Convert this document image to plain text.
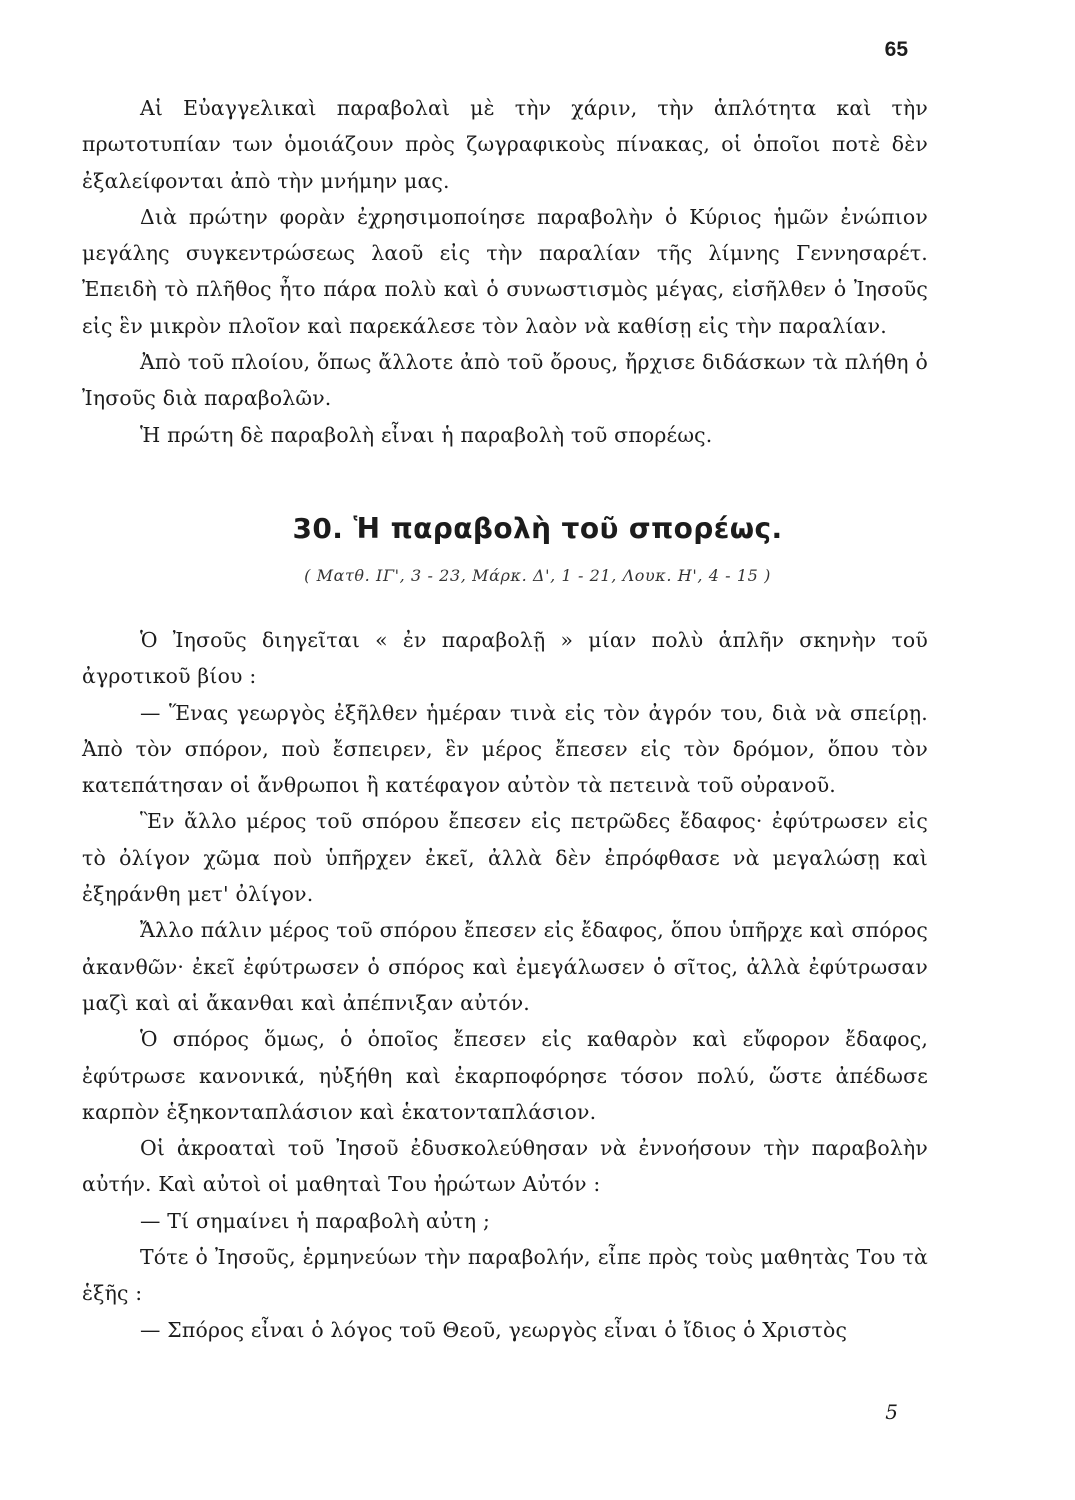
65

Αἱ Εὐαγγελικαὶ παραβολαὶ μὲ τὴν χάριν, τὴν ἁπλότητα καὶ τὴν πρωτοτυπίαν των ὁμοιάζουν πρὸς ζωγραφικοὺς πίνακας, οἱ ὁποῖοι ποτὲ δὲν ἐξαλείφονται ἀπὸ τὴν μνήμην μας.

Διὰ πρώτην φορὰν ἐχρησιμοποίησε παραβολὴν ὁ Κύριος ἡμῶν ἐνώπιον μεγάλης συγκεντρώσεως λαοῦ εἰς τὴν παραλίαν τῆς λίμνης Γεννησαρέτ. Ἐπειδὴ τὸ πλῆθος ἦτο πάρα πολὺ καὶ ὁ συνωστισμὸς μέγας, εἰσῆλθεν ὁ Ἰησοῦς εἰς ἓν μικρὸν πλοῖον καὶ παρεκάλεσε τὸν λαὸν νὰ καθίσῃ εἰς τὴν παραλίαν.

Ἀπὸ τοῦ πλοίου, ὅπως ἄλλοτε ἀπὸ τοῦ ὄρους, ἤρχισε διδάσκων τὰ πλήθη ὁ Ἰησοῦς διὰ παραβολῶν.

Ἡ πρώτη δὲ παραβολὴ εἶναι ἡ παραβολὴ τοῦ σπορέως.

30. Ἡ παραβολὴ τοῦ σπορέως.
( Ματθ. ΙΓ', 3 - 23, Μάρκ. Δ', 1 - 21, Λουκ. Η', 4 - 15 )

Ὁ Ἰησοῦς διηγεῖται « ἐν παραβολῇ » μίαν πολὺ ἁπλῆν σκηνὴν τοῦ ἀγροτικοῦ βίου :

— Ἕνας γεωργὸς ἐξῆλθεν ἡμέραν τινὰ εἰς τὸν ἀγρόν του, διὰ νὰ σπείρῃ. Ἀπὸ τὸν σπόρον, ποὺ ἔσπειρεν, ἓν μέρος ἔπεσεν εἰς τὸν δρόμον, ὅπου τὸν κατεπάτησαν οἱ ἄνθρωποι ἢ κατέφαγον αὐτὸν τὰ πετεινὰ τοῦ οὐρανοῦ.

Ἓν ἄλλο μέρος τοῦ σπόρου ἔπεσεν εἰς πετρῶδες ἔδαφος· ἐφύτρωσεν εἰς τὸ ὀλίγον χῶμα ποὺ ὑπῆρχεν ἐκεῖ, ἀλλὰ δὲν ἐπρόφθασε νὰ μεγαλώσῃ καὶ ἐξηράνθη μετ' ὀλίγον.

Ἄλλο πάλιν μέρος τοῦ σπόρου ἔπεσεν εἰς ἔδαφος, ὅπου ὑπῆρχε καὶ σπόρος ἀκανθῶν· ἐκεῖ ἐφύτρωσεν ὁ σπόρος καὶ ἐμεγάλωσεν ὁ σῖτος, ἀλλὰ ἐφύτρωσαν μαζὶ καὶ αἱ ἄκανθαι καὶ ἀπέπνιξαν αὐτόν.

Ὁ σπόρος ὅμως, ὁ ὁποῖος ἔπεσεν εἰς καθαρὸν καὶ εὔφορον ἔδαφος, ἐφύτρωσε κανονικά, ηὐξήθη καὶ ἐκαρποφόρησε τόσον πολύ, ὥστε ἀπέδωσε καρπὸν ἑξηκονταπλάσιον καὶ ἑκατονταπλάσιον.

Οἱ ἀκροαταὶ τοῦ Ἰησοῦ ἐδυσκολεύθησαν νὰ ἐννοήσουν τὴν παραβολὴν αὐτήν. Καὶ αὐτοὶ οἱ μαθηταὶ Του ἠρώτων Αὐτόν :

— Τί σημαίνει ἡ παραβολὴ αὐτη ;

Τότε ὁ Ἰησοῦς, ἑρμηνεύων τὴν παραβολήν, εἶπε πρὸς τοὺς μαθητὰς Του τὰ ἑξῆς :

— Σπόρος εἶναι ὁ λόγος τοῦ Θεοῦ, γεωργὸς εἶναι ὁ ἴδιος ὁ Χριστὸς

5
